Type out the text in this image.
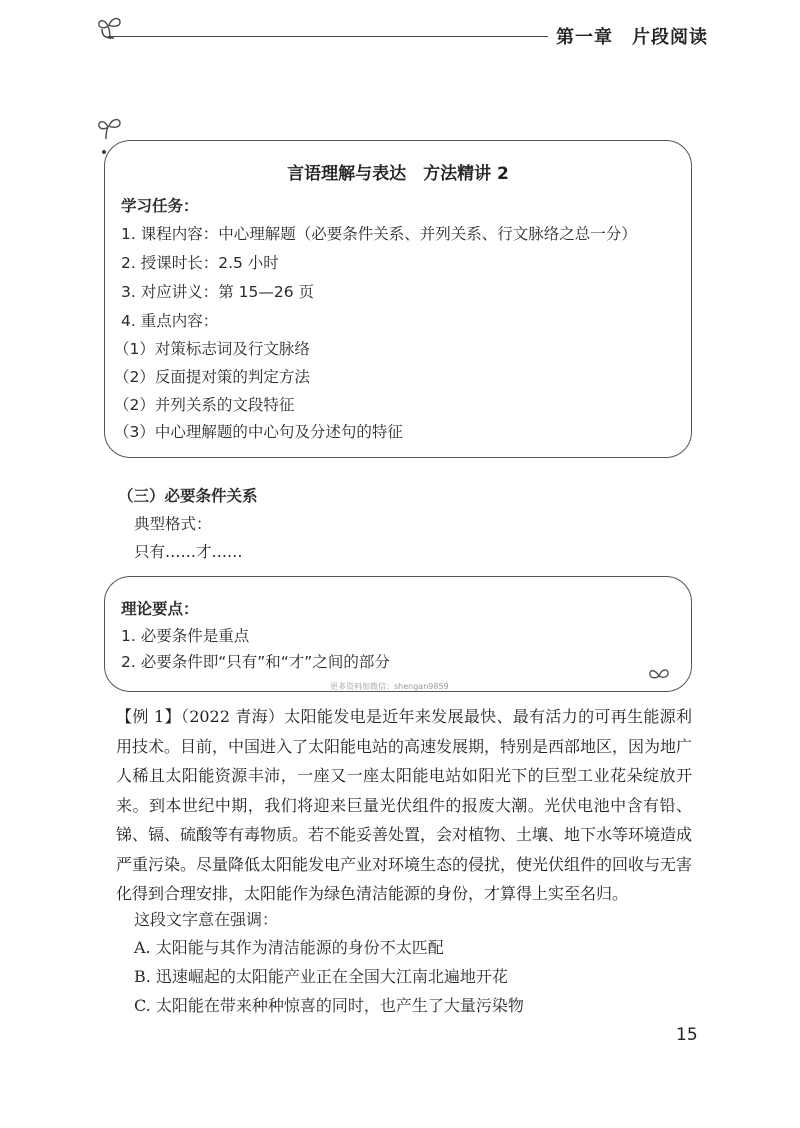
第一章　片段阅读
言语理解与表达　方法精讲 2
学习任务：
1. 课程内容：中心理解题（必要条件关系、并列关系、行文脉络之总一分）
2. 授课时长：2.5 小时
3. 对应讲义：第 15—26 页
4. 重点内容：
（1）对策标志词及行文脉络
（2）反面提对策的判定方法
（2）并列关系的文段特征
（3）中心理解题的中心句及分述句的特征
（三）必要条件关系
典型格式：
只有……才……
理论要点：
1. 必要条件是重点
2. 必要条件即“只有”和“才”之间的部分
更多资料加微信：shengan9859
【例 1】（2022 青海）太阳能发电是近年来发展最快、最有活力的可再生能源利用技术。目前，中国进入了太阳能电站的高速发展期，特别是西部地区，因为地广人稀且太阳能资源丰沛，一座又一座太阳能电站如阳光下的巨型工业花朵绽放开来。到本世纪中期，我们将迎来巨量光伏组件的报废大潮。光伏电池中含有铅、锑、镉、硫酸等有毒物质。若不能妥善处置，会对植物、土壤、地下水等环境造成严重污染。尽量降低太阳能发电产业对环境生态的侵扰，使光伏组件的回收与无害化得到合理安排，太阳能作为绿色清洁能源的身份，才算得上实至名归。
这段文字意在强调：
A. 太阳能与其作为清洁能源的身份不太匹配
B. 迅速崛起的太阳能产业正在全国大江南北遍地开花
C. 太阳能在带来种种惊喜的同时，也产生了大量污染物
15
